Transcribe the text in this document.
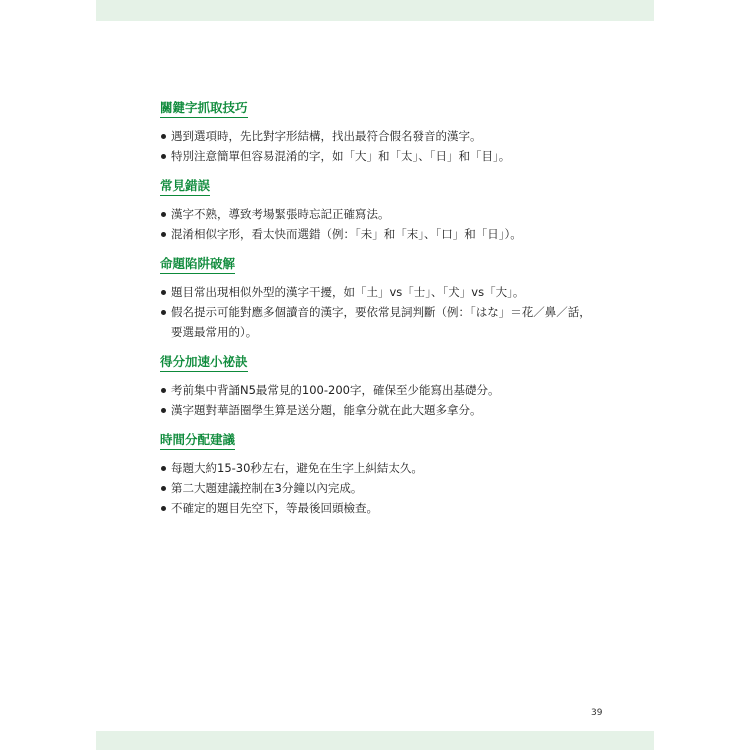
關鍵字抓取技巧
遇到選項時，先比對字形結構，找出最符合假名發音的漢字。
特別注意簡單但容易混淆的字，如「大」和「太」、「日」和「目」。
常見錯誤
漢字不熟，導致考場緊張時忘記正確寫法。
混淆相似字形，看太快而選錯（例：「未」和「末」、「口」和「日」）。
命題陷阱破解
題目常出現相似外型的漢字干擾，如「土」vs「士」、「犬」vs「大」。
假名提示可能對應多個讀音的漢字，要依常見詞判斷（例：「はな」＝花／鼻／話，要選最常用的）。
得分加速小祕訣
考前集中背誦N5最常見的100-200字，確保至少能寫出基礎分。
漢字題對華語圈學生算是送分題，能拿分就在此大題多拿分。
時間分配建議
每題大約15-30秒左右，避免在生字上糾結太久。
第二大題建議控制在3分鐘以內完成。
不確定的題目先空下，等最後回頭檢查。
39
